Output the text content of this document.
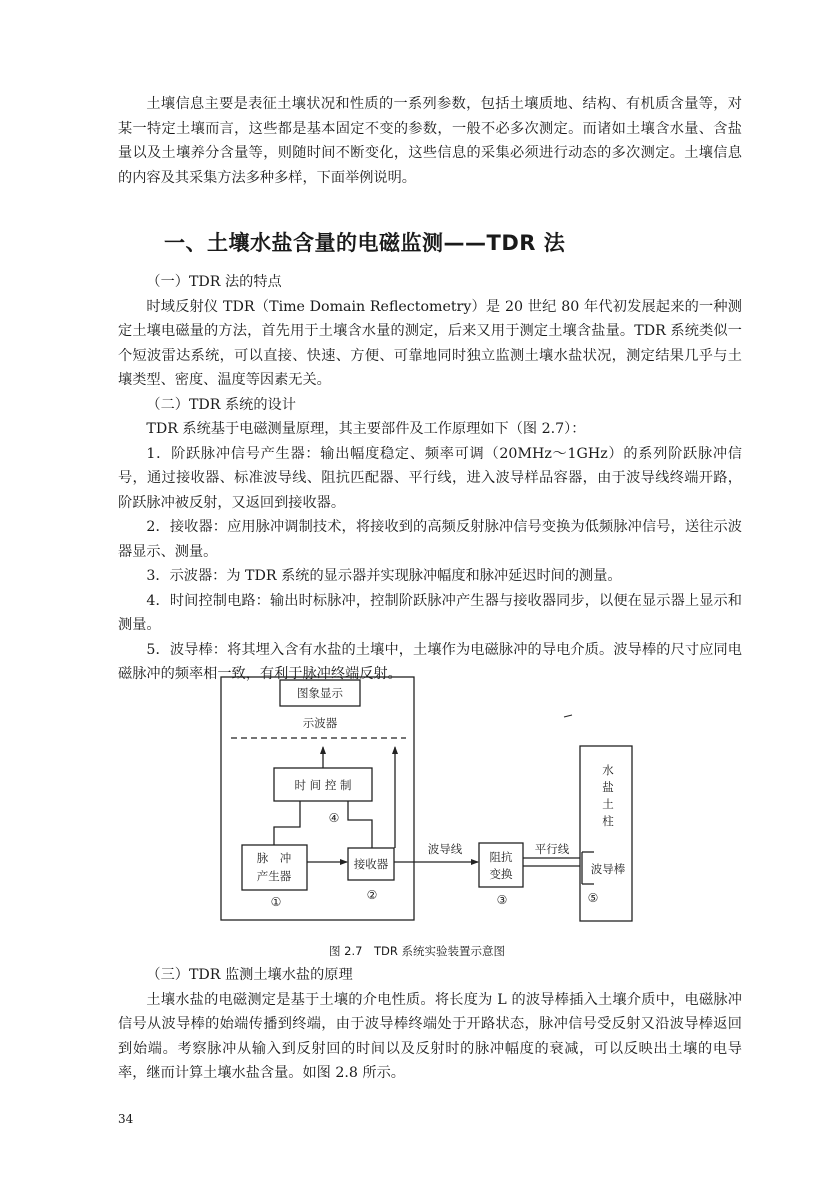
土壤信息主要是表征土壤状况和性质的一系列参数，包括土壤质地、结构、有机质含量等，对某一特定土壤而言，这些都是基本固定不变的参数，一般不必多次测定。而诸如土壤含水量、含盐量以及土壤养分含量等，则随时间不断变化，这些信息的采集必须进行动态的多次测定。土壤信息的内容及其采集方法多种多样，下面举例说明。

一、土壤水盐含量的电磁监测——TDR 法

（一）TDR 法的特点

时域反射仪 TDR（Time Domain Reflectometry）是 20 世纪 80 年代初发展起来的一种测定土壤电磁量的方法，首先用于土壤含水量的测定，后来又用于测定土壤含盐量。TDR 系统类似一个短波雷达系统，可以直接、快速、方便、可靠地同时独立监测土壤水盐状况，测定结果几乎与土壤类型、密度、温度等因素无关。

（二）TDR 系统的设计

TDR 系统基于电磁测量原理，其主要部件及工作原理如下（图 2.7）：

1．阶跃脉冲信号产生器：输出幅度稳定、频率可调（20MHz～1GHz）的系列阶跃脉冲信号，通过接收器、标准波导线、阻抗匹配器、平行线，进入波导样品容器，由于波导线终端开路，阶跃脉冲被反射，又返回到接收器。

2．接收器：应用脉冲调制技术，将接收到的高频反射脉冲信号变换为低频脉冲信号，送往示波器显示、测量。

3．示波器：为 TDR 系统的显示器并实现脉冲幅度和脉冲延迟时间的测量。

4．时间控制电路：输出时标脉冲，控制阶跃脉冲产生器与接收器同步，以便在显示器上显示和测量。

5．波导棒：将其埋入含有水盐的土壤中，土壤作为电磁脉冲的导电介质。波导棒的尺寸应同电磁脉冲的频率相一致，有利于脉冲终端反射。

图象显示
示波器
时 间 控 制
④
脉　冲
产生器
接收器
波导线
阻抗
变换
平行线
水
盐
土
柱
波导棒
①	②	③	⑤
图 2.7　TDR 系统实验装置示意图

（三）TDR 监测土壤水盐的原理

土壤水盐的电磁测定是基于土壤的介电性质。将长度为 L 的波导棒插入土壤介质中，电磁脉冲信号从波导棒的始端传播到终端，由于波导棒终端处于开路状态，脉冲信号受反射又沿波导棒返回到始端。考察脉冲从输入到反射回的时间以及反射时的脉冲幅度的衰减，可以反映出土壤的电导率，继而计算土壤水盐含量。如图 2.8 所示。

34
